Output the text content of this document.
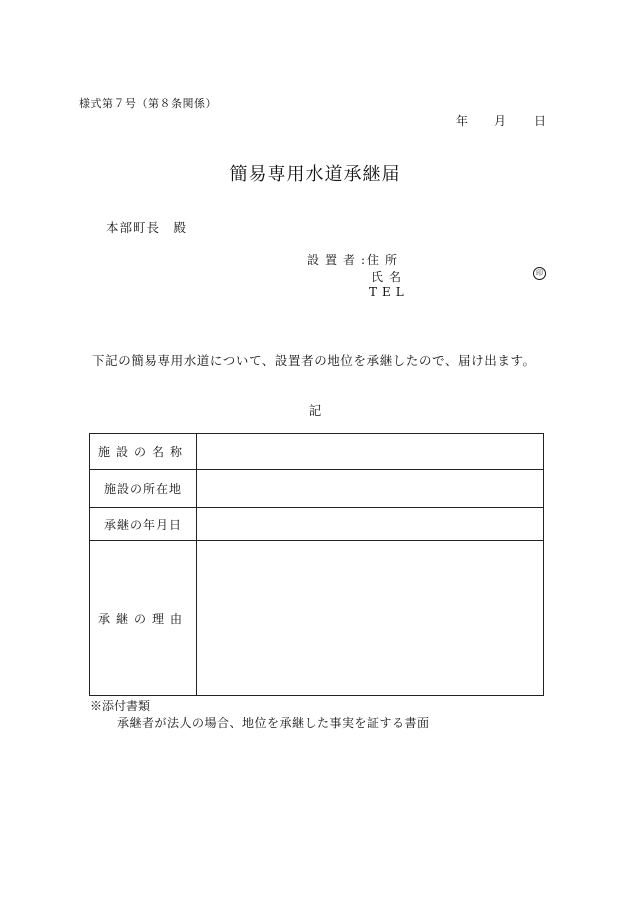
様式第７号（第８条関係）
年 月 日
簡易専用水道承継届
本部町長　殿
設置者:
住所
氏名
TEL
印
下記の簡易専用水道について、設置者の地位を承継したので、届け出ます。
記
施設の名称	
施設の所在地	
承継の年月日	
承継の理由	
※添付書類
承継者が法人の場合、地位を承継した事実を証する書面
